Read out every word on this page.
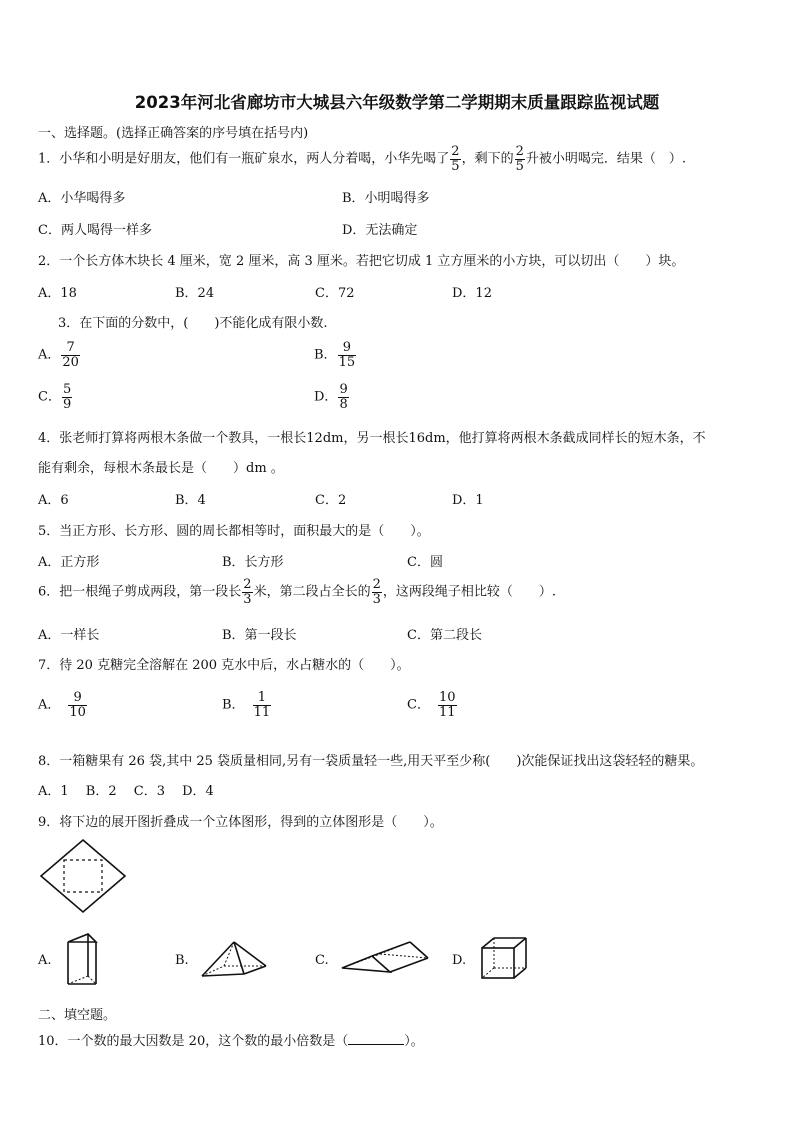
2023年河北省廊坊市大城县六年级数学第二学期期末质量跟踪监视试题
一、选择题。(选择正确答案的序号填在括号内)
1．小华和小明是好朋友，他们有一瓶矿泉水，两人分着喝，小华先喝了 $\frac{2}{5}$ ，剩下的 $\frac{2}{5}$ 升被小明喝完．结果（　）.
A．小华喝得多	B．小明喝得多
C．两人喝得一样多	D．无法确定
2．一个长方体木块长 4 厘米，宽 2 厘米，高 3 厘米。若把它切成 1 立方厘米的小方块，可以切出（　　）块。
A．18	B．24	C．72	D．12
3．在下面的分数中，(　　)不能化成有限小数.
A． $\frac{7}{20}$	B． $\frac{9}{15}$
C． $\frac{5}{9}$	D． $\frac{9}{8}$
4．张老师打算将两根木条做一个教具，一根长12dm，另一根长16dm，他打算将两根木条截成同样长的短木条，不
能有剩余，每根木条最长是（　　）dm 。
A．6	B．4	C．2	D．1
5．当正方形、长方形、圆的周长都相等时，面积最大的是（　　）。
A．正方形	B．长方形	C．圆
6．把一根绳子剪成两段，第一段长 $\frac{2}{3}$ 米，第二段占全长的 $\frac{2}{3}$ ，这两段绳子相比较（　　）.
A．一样长	B．第一段长	C．第二段长
7．待 20 克糖完全溶解在 200 克水中后，水占糖水的（　　）。
A． $\frac{9}{10}$	B． $\frac{1}{11}$	C． $\frac{10}{11}$
8．一箱糖果有 26 袋,其中 25 袋质量相同,另有一袋质量轻一些,用天平至少称(　　)次能保证找出这袋轻轻的糖果。
A．1　 B．2　 C．3　 D．4
9．将下边的展开图折叠成一个立体图形，得到的立体图形是（　　）。
A.	B.	C.	D.
二、填空题。
10．一个数的最大因数是 20，这个数的最小倍数是（	）。
